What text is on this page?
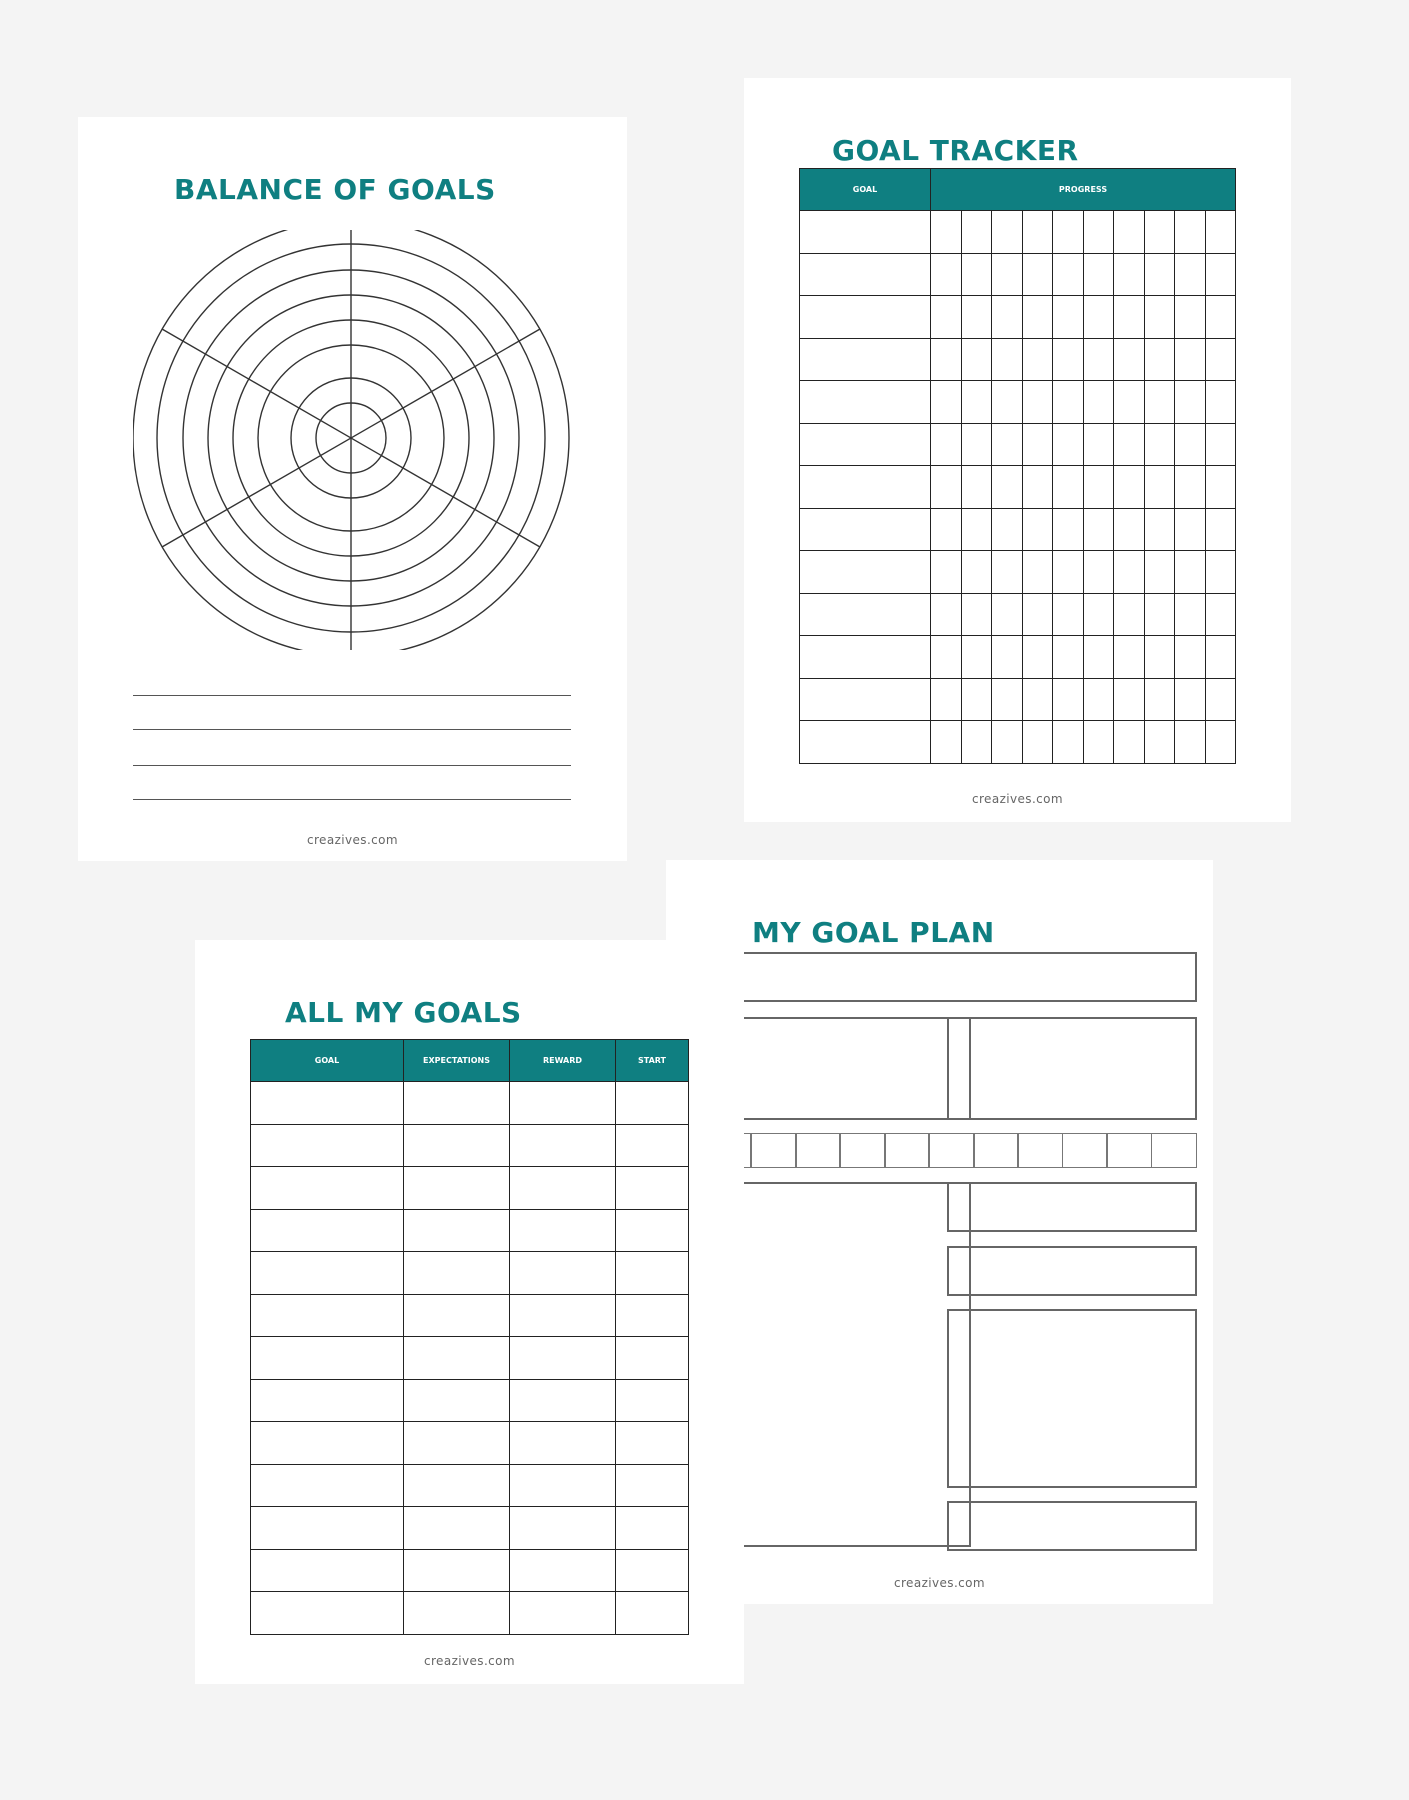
BALANCE OF GOALS
creazives.com
GOAL TRACKER
GOAL	PROGRESS									

creazives.com
MY GOAL PLAN
creazives.com
ALL MY GOALS
GOAL	EXPECTATIONS	REWARD	START

creazives.com
